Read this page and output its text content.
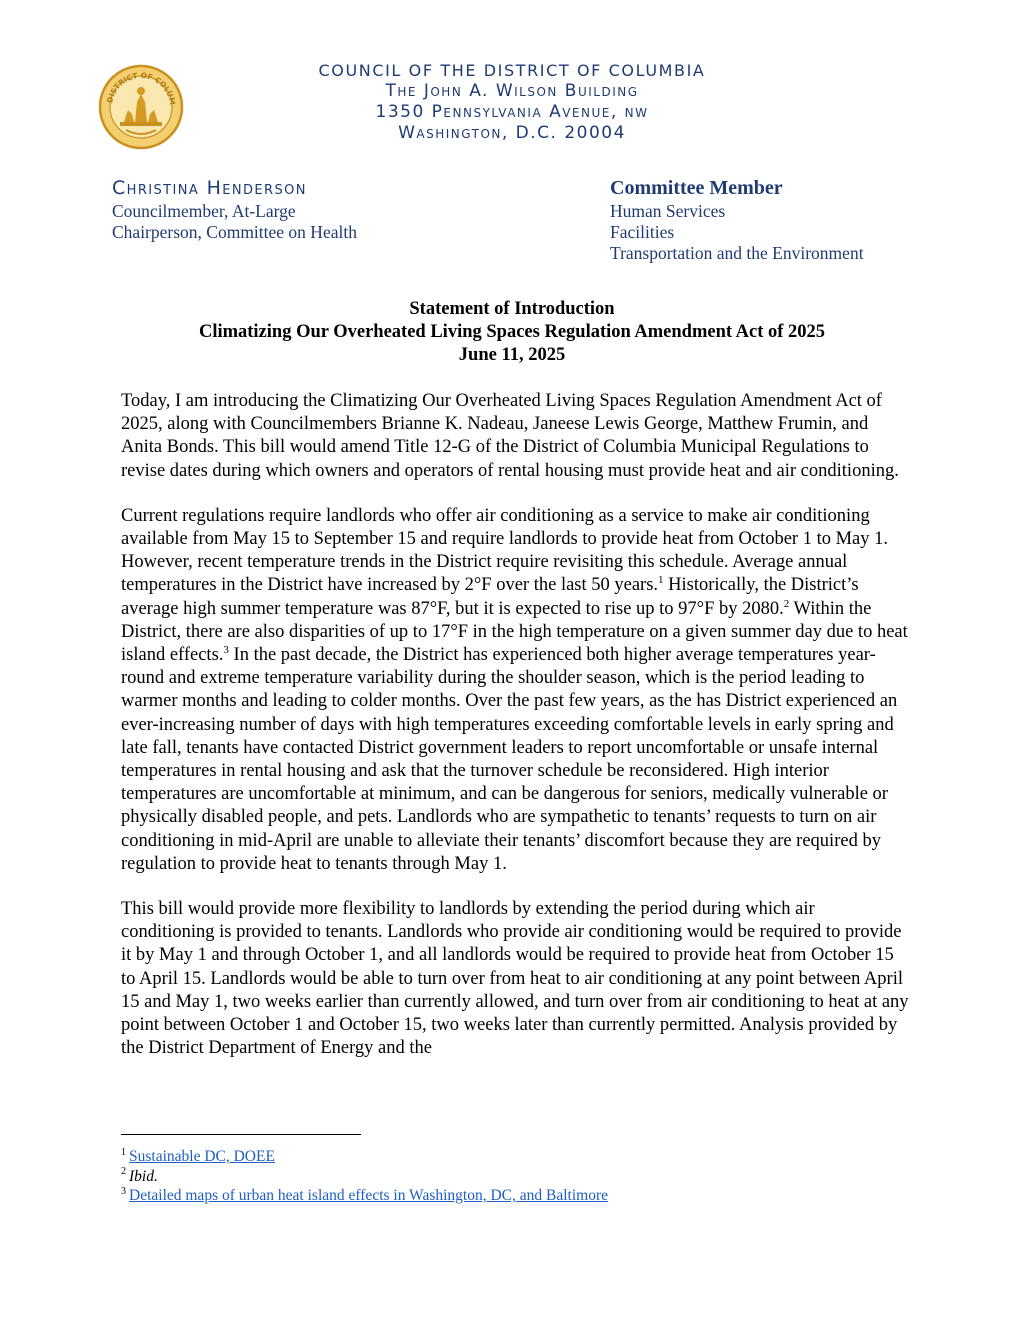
DISTRICT OF COLUM
COUNCIL OF THE DISTRICT OF COLUMBIA
The John A. Wilson Building
1350 Pennsylvania Avenue, nw
Washington, D.C. 20004
Christina Henderson
Councilmember, At-Large
Chairperson, Committee on Health
Committee Member
Human Services
Facilities
Transportation and the Environment
Statement of Introduction
Climatizing Our Overheated Living Spaces Regulation Amendment Act of 2025
June 11, 2025

Today, I am introducing the Climatizing Our Overheated Living Spaces Regulation Amendment Act of 2025, along with Councilmembers Brianne K. Nadeau, Janeese Lewis George, Matthew Frumin, and Anita Bonds. This bill would amend Title 12-G of the District of Columbia Municipal Regulations to revise dates during which owners and operators of rental housing must provide heat and air conditioning.

Current regulations require landlords who offer air conditioning as a service to make air conditioning available from May 15 to September 15 and require landlords to provide heat from October 1 to May 1. However, recent temperature trends in the District require revisiting this schedule. Average annual temperatures in the District have increased by 2°F over the last 50 years.$^1$ Historically, the District’s average high summer temperature was 87°F, but it is expected to rise up to 97°F by 2080.$^2$ Within the District, there are also disparities of up to 17°F in the high temperature on a given summer day due to heat island effects.$^3$ In the past decade, the District has experienced both higher average temperatures year-round and extreme temperature variability during the shoulder season, which is the period leading to warmer months and leading to colder months. Over the past few years, as the has District experienced an ever-increasing number of days with high temperatures exceeding comfortable levels in early spring and late fall, tenants have contacted District government leaders to report uncomfortable or unsafe internal temperatures in rental housing and ask that the turnover schedule be reconsidered. High interior temperatures are uncomfortable at minimum, and can be dangerous for seniors, medically vulnerable or physically disabled people, and pets. Landlords who are sympathetic to tenants’ requests to turn on air conditioning in mid-April are unable to alleviate their tenants’ discomfort because they are required by regulation to provide heat to tenants through May 1.

This bill would provide more flexibility to landlords by extending the period during which air conditioning is provided to tenants. Landlords who provide air conditioning would be required to provide it by May 1 and through October 1, and all landlords would be required to provide heat from October 15 to April 15. Landlords would be able to turn over from heat to air conditioning at any point between April 15 and May 1, two weeks earlier than currently allowed, and turn over from air conditioning to heat at any point between October 1 and October 15, two weeks later than currently permitted. Analysis provided by the District Department of Energy and the

$^1$ Sustainable DC, DOEE
$^2$ Ibid.
$^3$ Detailed maps of urban heat island effects in Washington, DC, and Baltimore
